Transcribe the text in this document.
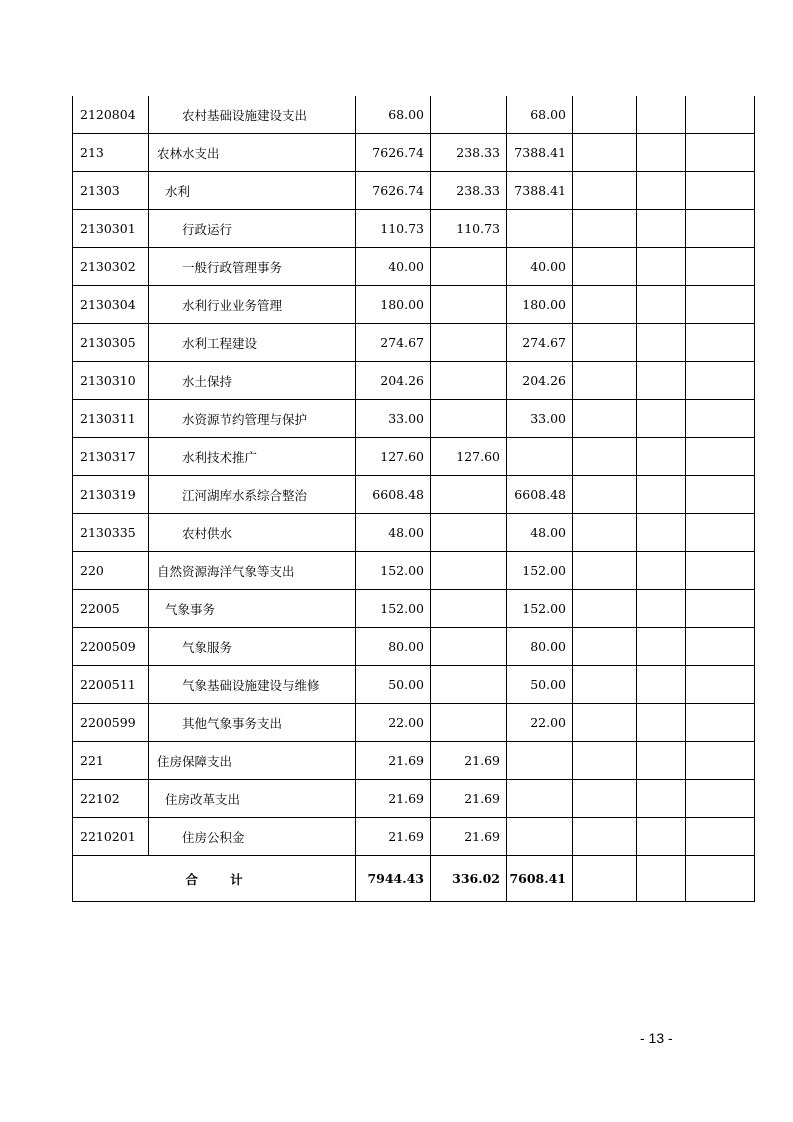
2120804	农村基础设施建设支出	68.00		68.00			
213	农林水支出	7626.74	238.33	7388.41			
21303	水利	7626.74	238.33	7388.41			
2130301	行政运行	110.73	110.73				
2130302	一般行政管理事务	40.00		40.00			
2130304	水利行业业务管理	180.00		180.00			
2130305	水利工程建设	274.67		274.67			
2130310	水土保持	204.26		204.26			
2130311	水资源节约管理与保护	33.00		33.00			
2130317	水利技术推广	127.60	127.60				
2130319	江河湖库水系综合整治	6608.48		6608.48			
2130335	农村供水	48.00		48.00			
220	自然资源海洋气象等支出	152.00		152.00			
22005	气象事务	152.00		152.00			
2200509	气象服务	80.00		80.00			
2200511	气象基础设施建设与维修	50.00		50.00			
2200599	其他气象事务支出	22.00		22.00			
221	住房保障支出	21.69	21.69				
22102	住房改革支出	21.69	21.69				
2210201	住房公积金	21.69	21.69				
合 计		7944.43	336.02	7608.41			
- 13 -
